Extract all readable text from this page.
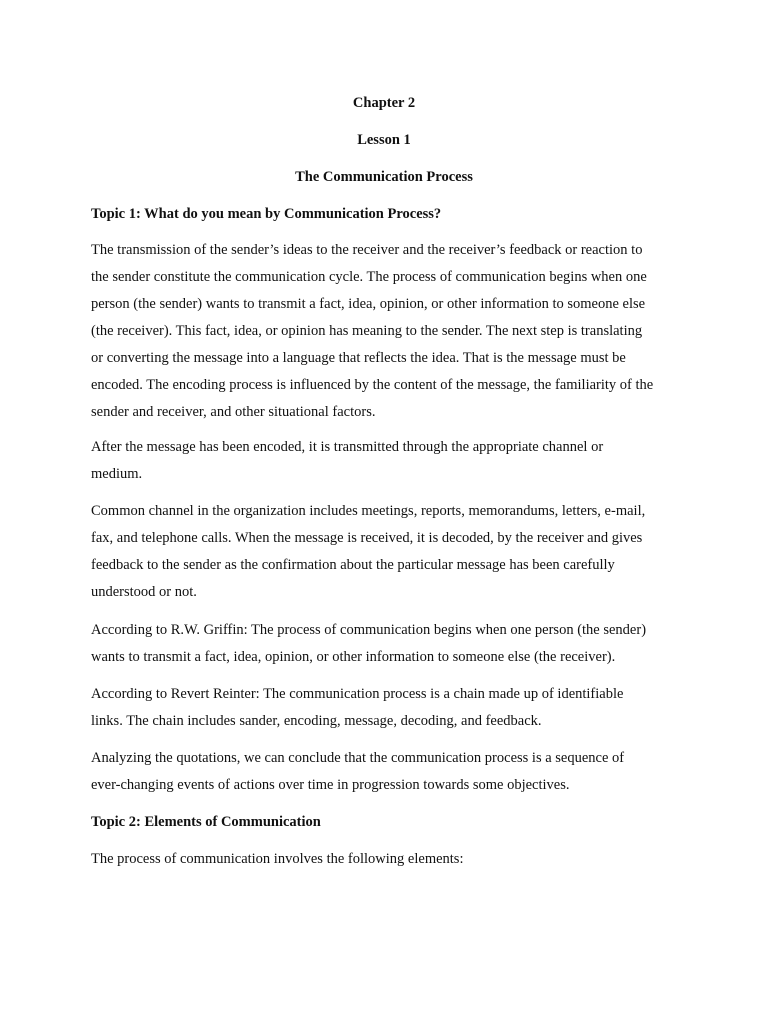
Chapter 2
Lesson 1
The Communication Process
Topic 1: What do you mean by Communication Process?

The transmission of the sender’s ideas to the receiver and the receiver’s feedback or reaction to
the sender constitute the communication cycle. The process of communication begins when one
person (the sender) wants to transmit a fact, idea, opinion, or other information to someone else
(the receiver). This fact, idea, or opinion has meaning to the sender. The next step is translating
or converting the message into a language that reflects the idea. That is the message must be
encoded. The encoding process is influenced by the content of the message, the familiarity of the
sender and receiver, and other situational factors.

After the message has been encoded, it is transmitted through the appropriate channel or
medium.

Common channel in the organization includes meetings, reports, memorandums, letters, e-mail,
fax, and telephone calls. When the message is received, it is decoded, by the receiver and gives
feedback to the sender as the confirmation about the particular message has been carefully
understood or not.

According to R.W. Griffin: The process of communication begins when one person (the sender)
wants to transmit a fact, idea, opinion, or other information to someone else (the receiver).

According to Revert Reinter: The communication process is a chain made up of identifiable
links. The chain includes sander, encoding, message, decoding, and feedback.

Analyzing the quotations, we can conclude that the communication process is a sequence of
ever-changing events of actions over time in progression towards some objectives.

Topic 2: Elements of Communication

The process of communication involves the following elements:
